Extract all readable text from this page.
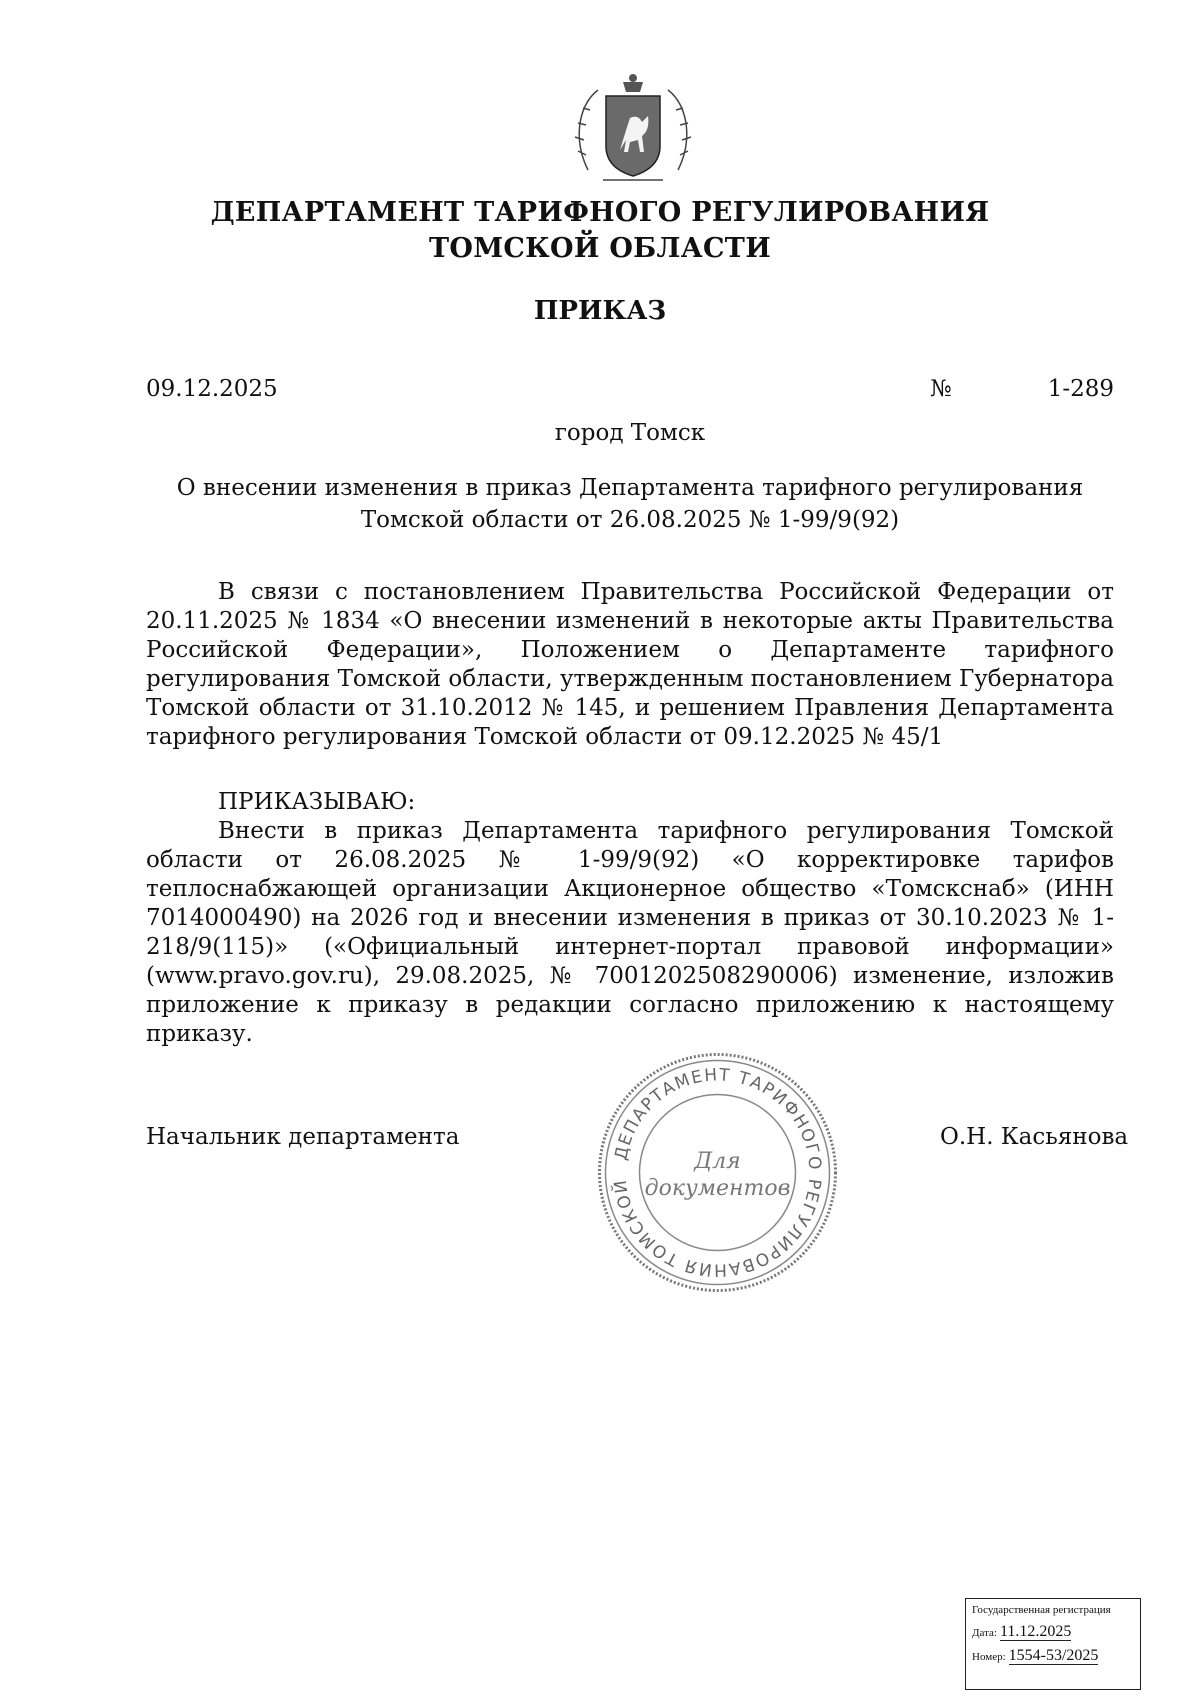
ДЕПАРТАМЕНТ ТАРИФНОГО РЕГУЛИРОВАНИЯ
ТОМСКОЙ ОБЛАСТИ
ПРИКАЗ
09.12.2025	№	1-289
город Томск
О внесении изменения в приказ Департамента тарифного регулирования
Томской области от 26.08.2025 № 1-99/9(92)

В связи с постановлением Правительства Российской Федерации от 20.11.2025 № 1834 «О внесении изменений в некоторые акты Правительства Российской Федерации», Положением о Департаменте тарифного регулирования Томской области, утвержденным постановлением Губернатора Томской области от 31.10.2012 № 145, и решением Правления Департамента тарифного регулирования Томской области от 09.12.2025 № 45/1

ПРИКАЗЫВАЮ:

Внести в приказ Департамента тарифного регулирования Томской области от 26.08.2025 № 1-99/9(92) «О корректировке тарифов теплоснабжающей организации Акционерное общество «Томскснаб» (ИНН 7014000490) на 2026 год и внесении изменения в приказ от 30.10.2023 № 1-218/9(115)» («Официальный интернет-портал правовой информации» (www.pravo.gov.ru), 29.08.2025, № 7001202508290006) изменение, изложив приложение к приказу в редакции согласно приложению к настоящему приказу.

Начальник департамента	О.Н. Касьянова
ДЕПАРТАМЕНТ ТАРИФНОГО РЕГУЛИРОВАНИЯ ТОМСКОЙ
Для
документов
Государственная регистрация
Дата: 11.12.2025
Номер: 1554-53/2025
